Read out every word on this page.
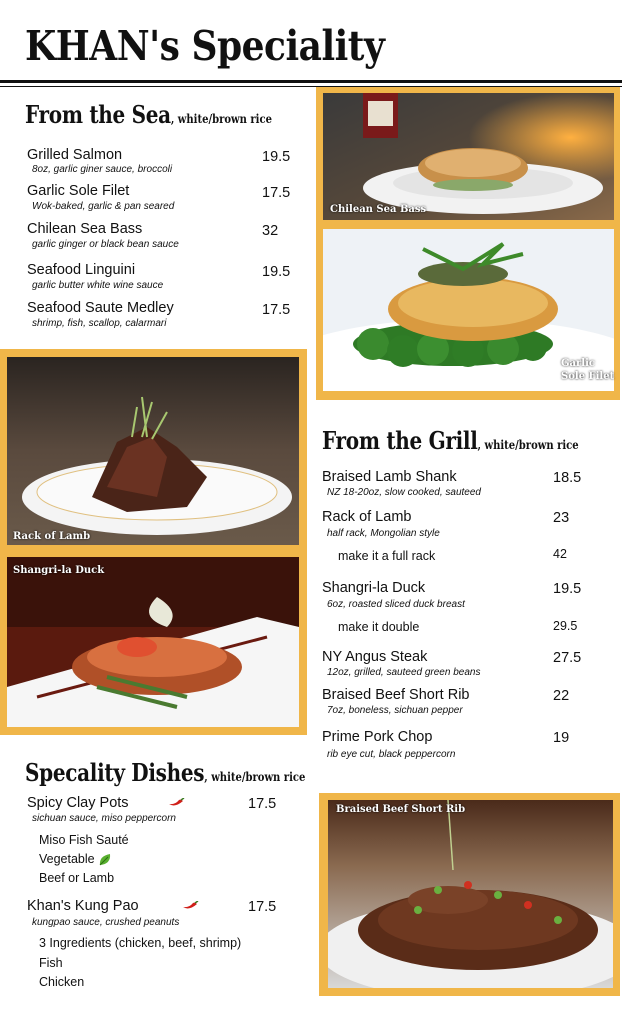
KHAN's Speciality
From the Sea, white/brown rice
Grilled Salmon
8oz, garlic giner sauce, broccoli
19.5
Garlic Sole Filet
Wok-baked, garlic & pan seared
17.5
Chilean Sea Bass
garlic ginger or black bean sauce
32
Seafood Linguini
garlic butter white wine sauce
19.5
Seafood Saute Medley
shrimp, fish, scallop, calarmari
17.5
Chilean Sea Bass
Garlic
Sole Filet
Rack of Lamb
Shangri-la Duck
From the Grill, white/brown rice
Braised Lamb Shank
NZ 18-20oz, slow cooked, sauteed
18.5
Rack of Lamb
half rack, Mongolian style
23
make it a full rack	42
Shangri-la Duck
6oz, roasted sliced duck breast
19.5
make it double	29.5
NY Angus Steak
12oz, grilled, sauteed green beans
27.5
Braised Beef Short Rib
7oz, boneless, sichuan pepper
22
Prime Pork Chop
rib eye cut, black peppercorn
19
Specality Dishes, white/brown rice
Spicy Clay Pots
sichuan sauce, miso peppercorn
17.5
Miso Fish Sauté
Vegetable
Beef or Lamb
Khan's Kung Pao
kungpao sauce, crushed peanuts
17.5
3 Ingredients (chicken, beef, shrimp)
Fish
Chicken
Braised Beef Short Rib
